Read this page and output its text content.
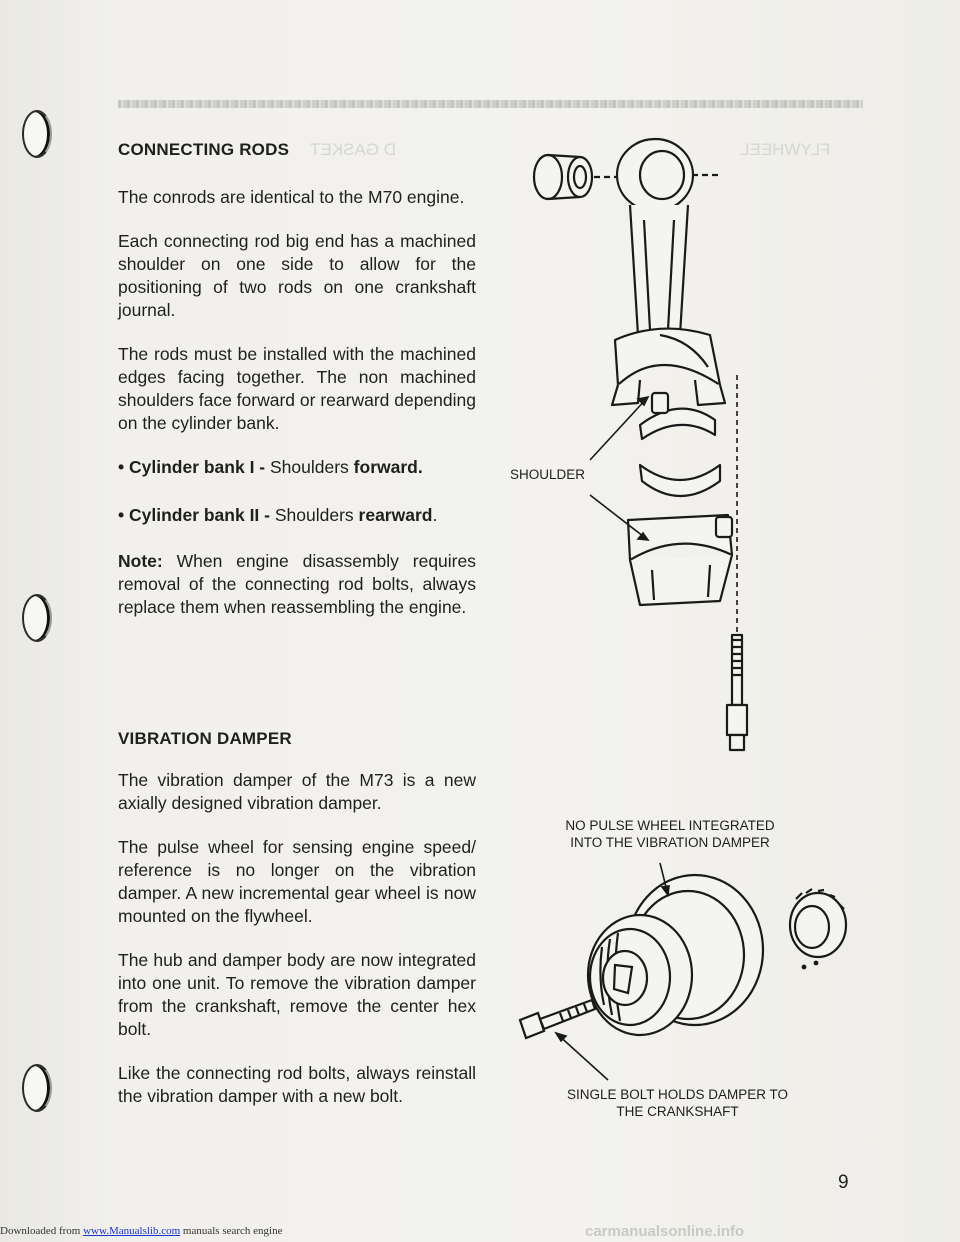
FLYWHEEL
D GASKET
CONNECTING RODS

The conrods are identical to the M70 engine.

Each connecting rod big end has a machined shoulder on one side to allow for the positioning of two rods on one crankshaft journal.

The rods must be installed with the machined edges facing together. The non machined shoulders face forward or rearward depending on the cylinder bank.

• Cylinder bank I - Shoulders forward.
• Cylinder bank II - Shoulders rearward.

Note: When engine disassembly requires removal of the connecting rod bolts, always replace them when reassembling the engine.

VIBRATION DAMPER

The vibration damper of the M73 is a new axially designed vibration damper.

The pulse wheel for sensing engine speed/ reference is no longer on the vibration damper. A new incremental gear wheel is now mounted on the flywheel.

The hub and damper body are now integrated into one unit. To remove the vibration damper from the crankshaft, remove the center hex bolt.

Like the connecting rod bolts, always reinstall the vibration damper with a new bolt.

SHOULDER
NO PULSE WHEEL INTEGRATED
INTO THE VIBRATION DAMPER
SINGLE BOLT HOLDS DAMPER TO
THE CRANKSHAFT
9
carmanualsonline.info
Downloaded from www.Manualslib.com manuals search engine
